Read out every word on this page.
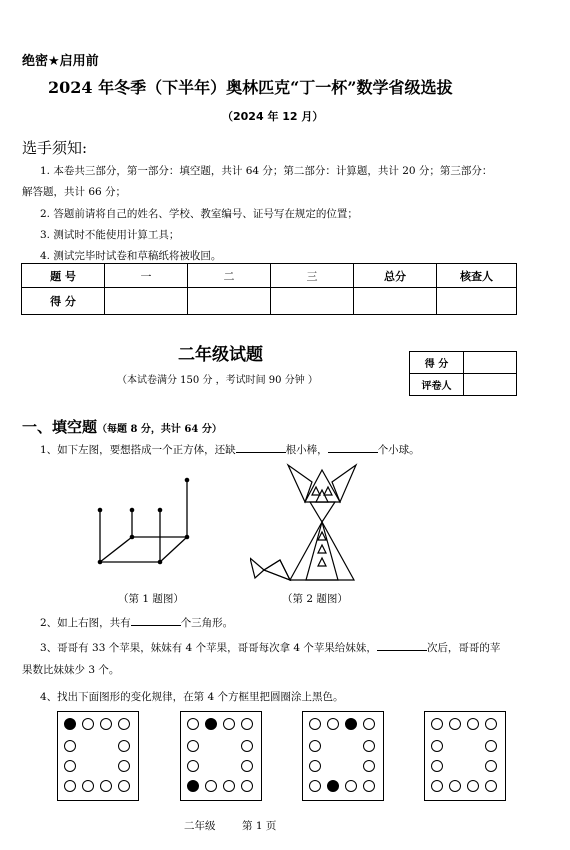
绝密★启用前
2024 年冬季（下半年）奥林匹克“丁一杯”数学省级选拔
（2024 年 12 月）
选手须知:
1. 本卷共三部分，第一部分：填空题，共计 64 分；第二部分：计算题，共计 20 分；第三部分：
解答题，共计 66 分；
2. 答题前请将自己的姓名、学校、教室编号、证号写在规定的位置；
3. 测试时不能使用计算工具；
4. 测试完毕时试卷和草稿纸将被收回。
题 号	一	二	三	总分	核查人
得 分					
二年级试题
（本试卷满分 150 分 ，考试时间 90 分钟 ）
得 分	
评卷人	
一、填空题（每题 8 分，共计 64 分）
1、如下左图，要想搭成一个正方体，还缺	根小棒，	个小球。
（第 1 题图）	（第 2 题图）
2、如上右图，共有	个三角形。
3、哥哥有 33 个苹果，妹妹有 4 个苹果，哥哥每次拿 4 个苹果给妹妹，	次后，哥哥的苹
果数比妹妹少 3 个。
4、找出下面图形的变化规律，在第 4 个方框里把圆圈涂上黑色。
二年级	第 1 页
